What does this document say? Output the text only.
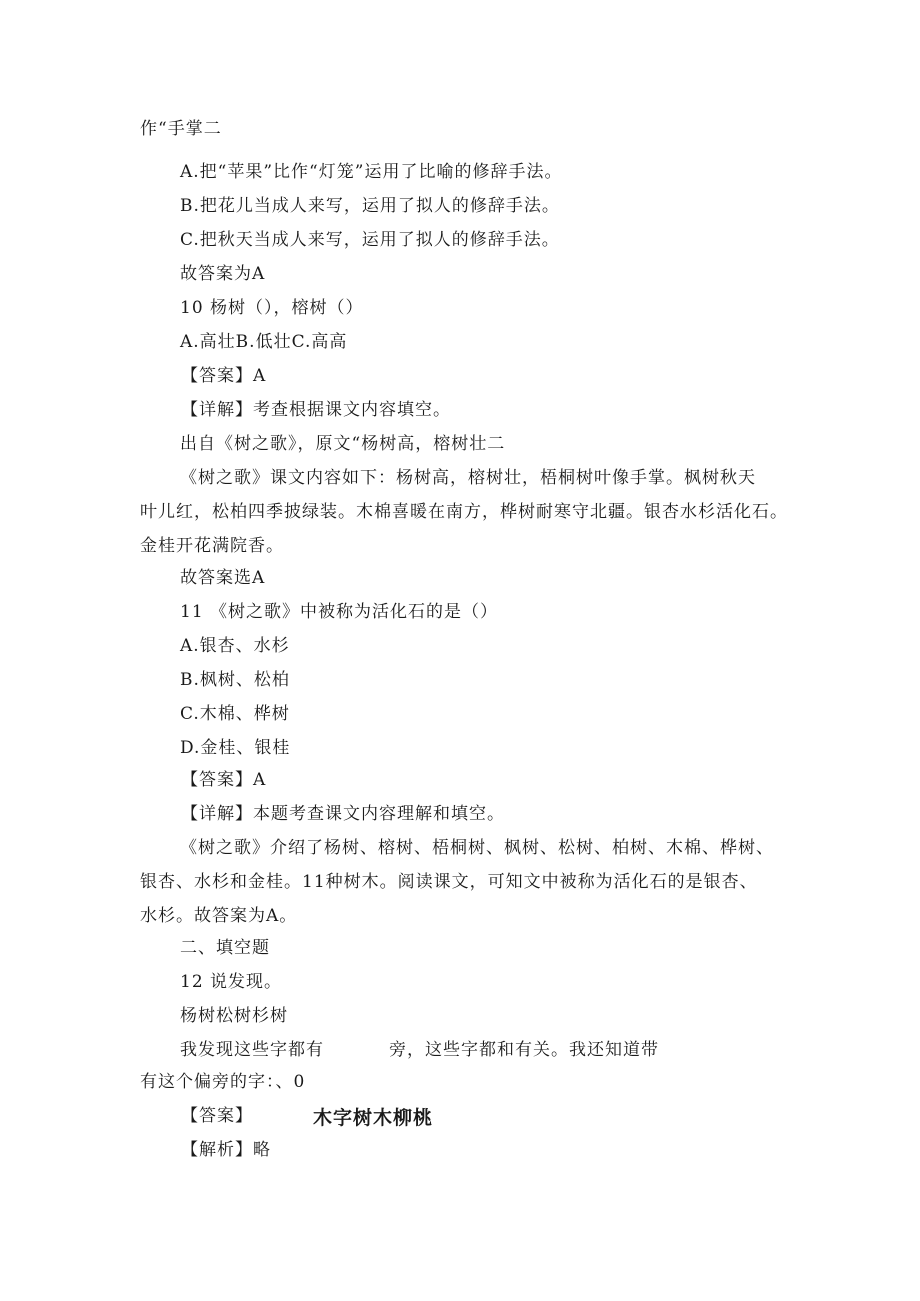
作“手掌二
A.把“苹果”比作“灯笼”运用了比喻的修辞手法。
B.把花儿当成人来写，运用了拟人的修辞手法。
C.把秋天当成人来写，运用了拟人的修辞手法。
故答案为A
10 杨树（），榕树（）
A.高壮B.低壮C.高高
【答案】A
【详解】考查根据课文内容填空。
出自《树之歌》，原文“杨树高，榕树壮二
《树之歌》课文内容如下：杨树高，榕树壮，梧桐树叶像手掌。枫树秋天
叶儿红，松柏四季披绿装。木棉喜暖在南方，桦树耐寒守北疆。银杏水杉活化石。
金桂开花满院香。
故答案选A
11 《树之歌》中被称为活化石的是（）
A.银杏、水杉
B.枫树、松柏
C.木棉、桦树
D.金桂、银桂
【答案】A
【详解】本题考查课文内容理解和填空。
《树之歌》介绍了杨树、榕树、梧桐树、枫树、松树、柏树、木棉、桦树、
银杏、水杉和金桂。11种树木。阅读课文，可知文中被称为活化石的是银杏、
水杉。故答案为A。
二、填空题
12 说发现。
杨树松树杉树
我发现这些字都有	旁，这些字都和有关。我还知道带
有这个偏旁的字：、0
【答案】	木字树木柳桃
【解析】略
